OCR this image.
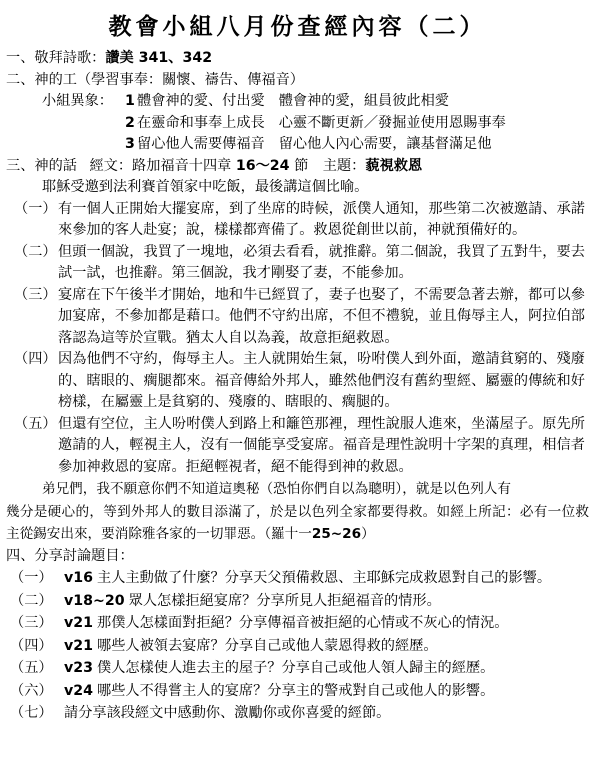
教會小組八月份查經內容（二）
一、敬拜詩歌：讚美 341、342
二、神的工（學習事奉：關懷、禱告、傳福音）
小組異象： 1 體會神的愛、付出愛 體會神的愛，組員彼此相愛
2 在靈命和事奉上成長 心靈不斷更新／發掘並使用恩賜事奉
3 留心他人需要傳福音 留心他人內心需要，讓基督滿足他
三、神的話 經文：路加福音十四章 16～24 節 主題：藐視救恩
耶穌受邀到法利賽首領家中吃飯，最後講這個比喻。
（一） 有一個人正開始大擺宴席，到了坐席的時候，派僕人通知，那些第二次被邀請、承諾來參加的客人赴宴；說，樣樣都齊備了。救恩從創世以前，神就預備好的。
（二） 但頭一個說，我買了一塊地，必須去看看，就推辭。第二個說，我買了五對牛，要去試一試，也推辭。第三個說，我才剛娶了妻，不能參加。
（三） 宴席在下午後半才開始，地和牛已經買了，妻子也娶了，不需要急著去辦，都可以參加宴席，不參加都是藉口。他們不守約出席，不但不禮貌，並且侮辱主人，阿拉伯部落認為這等於宣戰。猶太人自以為義，故意拒絕救恩。
（四） 因為他們不守約，侮辱主人。主人就開始生氣，吩咐僕人到外面，邀請貧窮的、殘廢的、瞎眼的、瘸腿都來。福音傳給外邦人，雖然他們沒有舊約聖經、屬靈的傳統和好榜樣，在屬靈上是貧窮的、殘廢的、瞎眼的、瘸腿的。
（五） 但還有空位，主人吩咐僕人到路上和籬笆那裡，理性說服人進來，坐滿屋子。原先所邀請的人，輕視主人，沒有一個能享受宴席。福音是理性說明十字架的真理，相信者參加神救恩的宴席。拒絕輕視者，絕不能得到神的救恩。
弟兄們，我不願意你們不知道這奧秘（恐怕你們自以為聰明），就是以色列人有
幾分是硬心的，等到外邦人的數目添滿了，於是以色列全家都要得救。如經上所記：必有一位救主從錫安出來，要消除雅各家的一切罪惡。（羅十一25~26）
四、分享討論題目：
（一） v16 主人主動做了什麼？分享天父預備救恩、主耶穌完成救恩對自己的影響。
（二） v18~20 眾人怎樣拒絕宴席？分享所見人拒絕福音的情形。
（三） v21 那僕人怎樣面對拒絕？分享傳福音被拒絕的心情或不灰心的情況。
（四） v21 哪些人被領去宴席？分享自己或他人蒙恩得救的經歷。
（五） v23 僕人怎樣使人進去主的屋子？分享自己或他人領人歸主的經歷。
（六） v24 哪些人不得嘗主人的宴席？分享主的警戒對自己或他人的影響。
（七） 請分享該段經文中感動你、激勵你或你喜愛的經節。
